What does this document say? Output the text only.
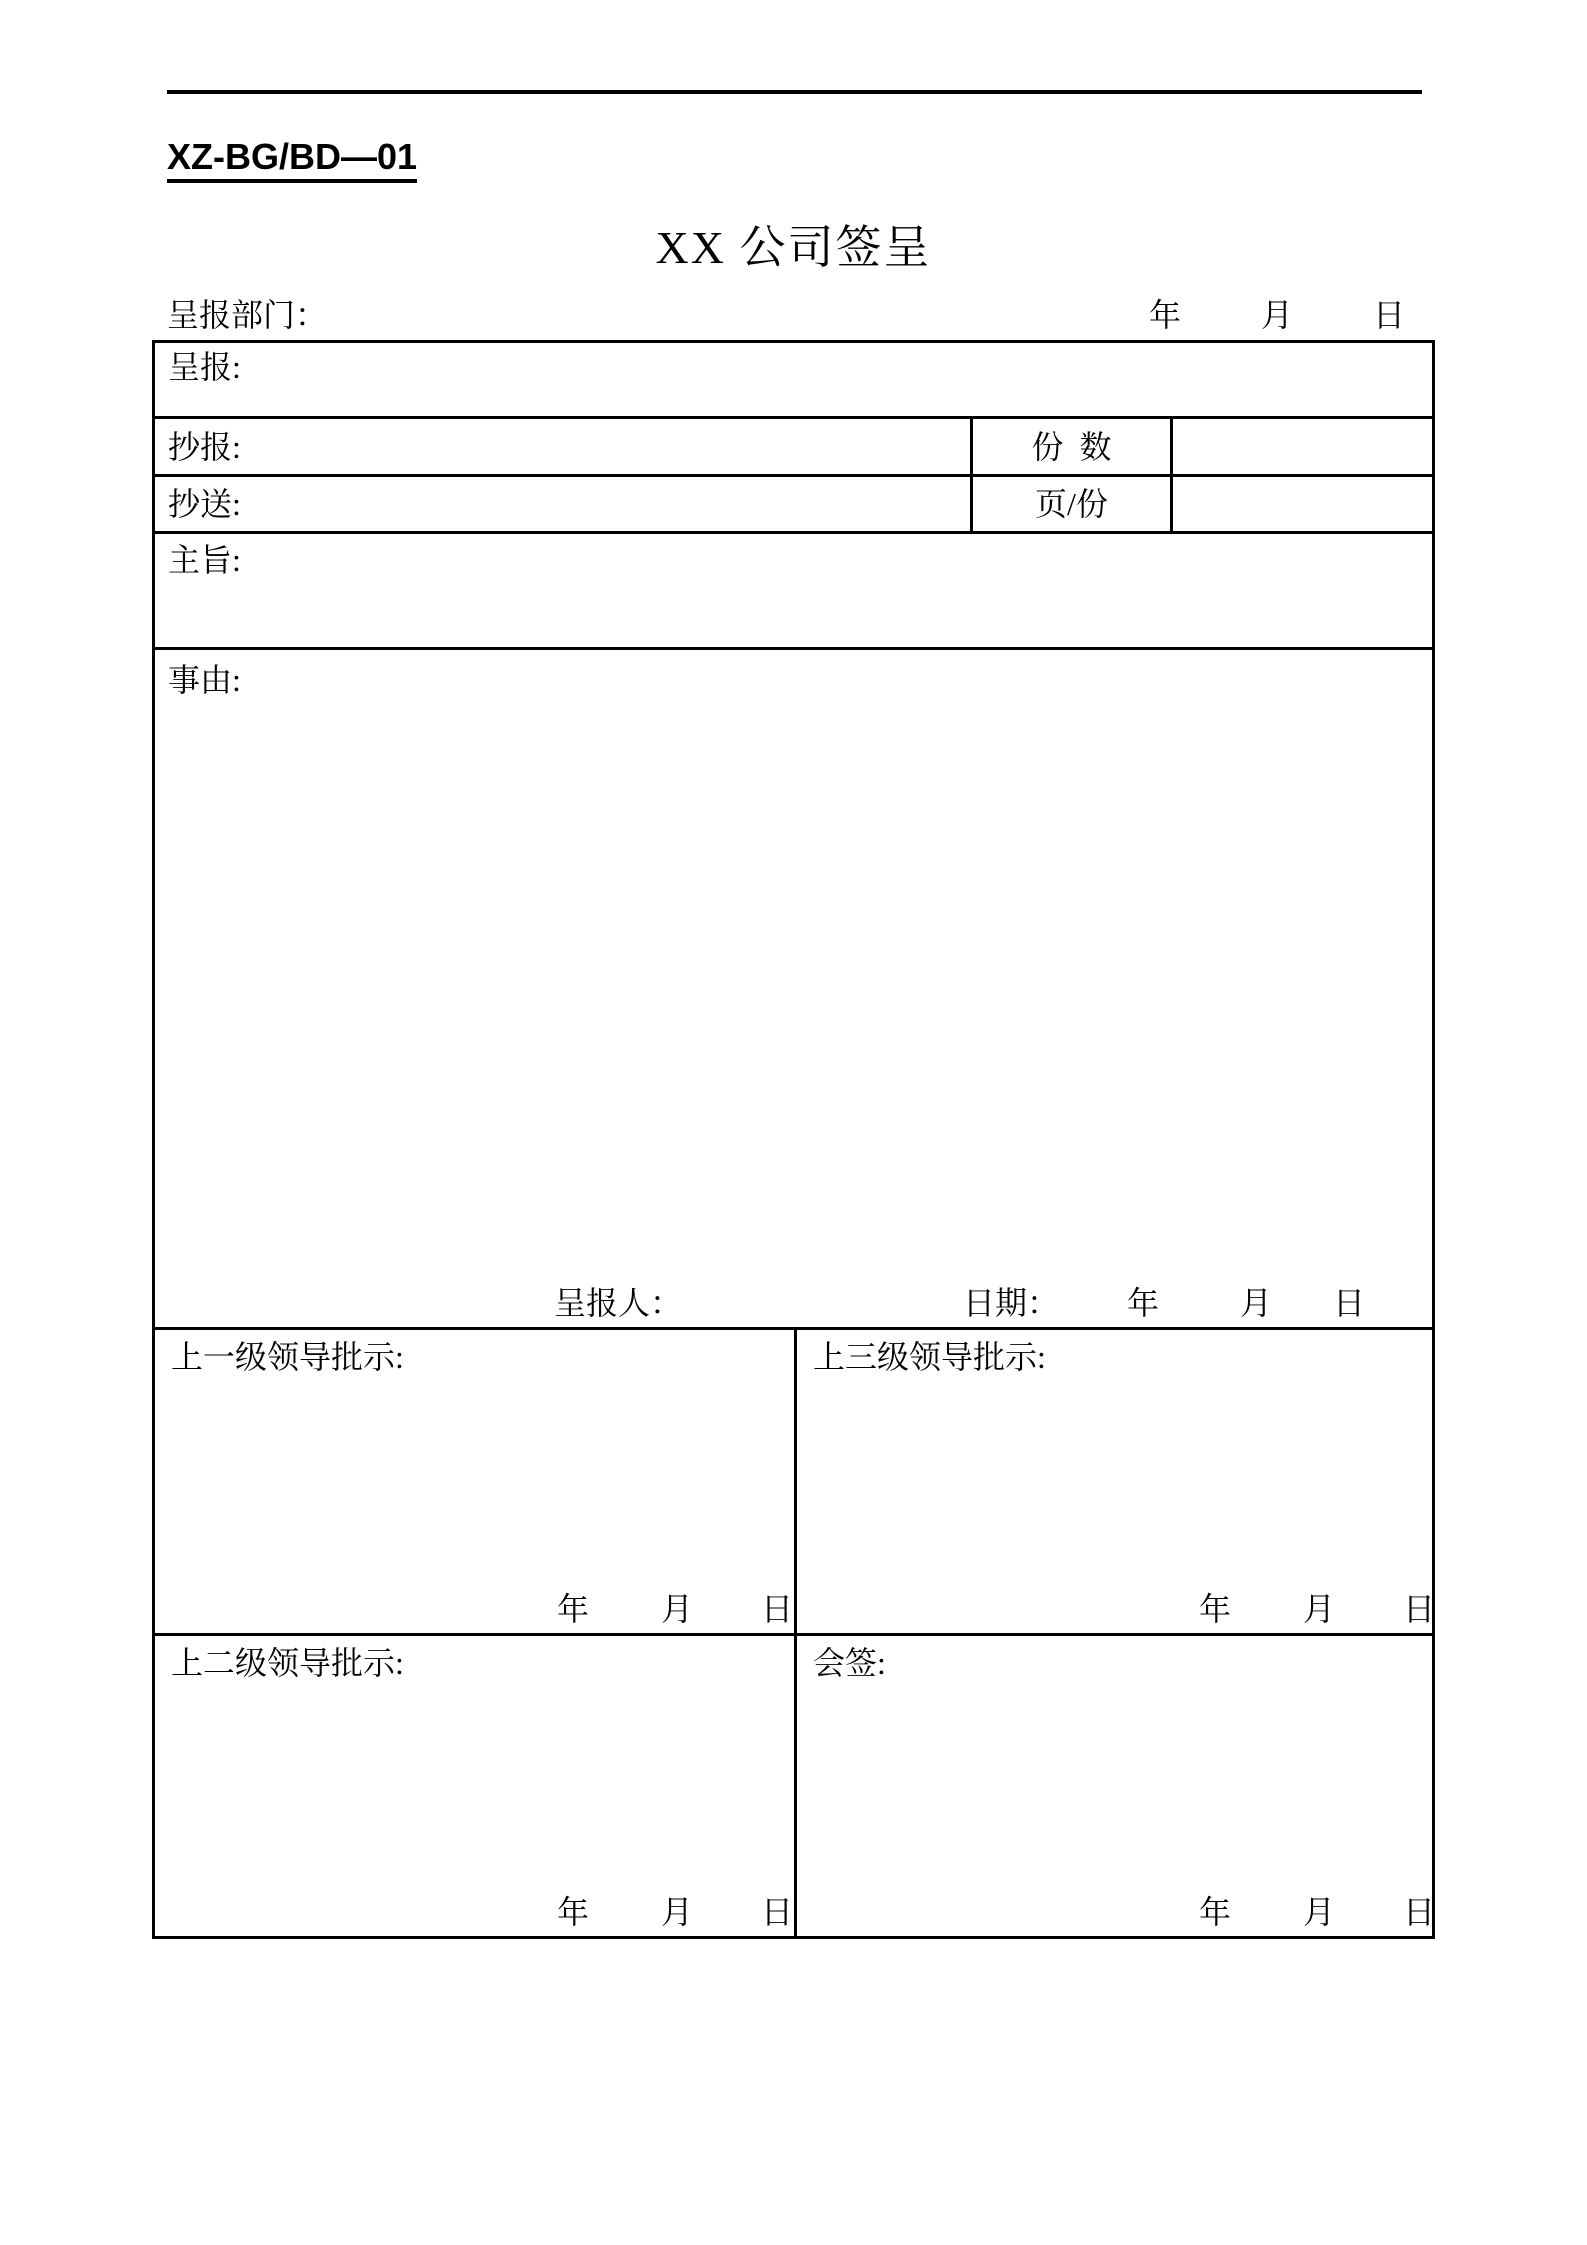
XZ-BG/BD—01
XX 公司签呈
呈报部门：	年	月	日
呈报:
抄报:	份  数
抄送:	页/份
主旨:
事由:
呈报人：	日期： 年	月 日
上一级领导批示:
年 月 日
上三级领导批示:
年 月 日
上二级领导批示:
年 月 日
会签:
年 月 日
